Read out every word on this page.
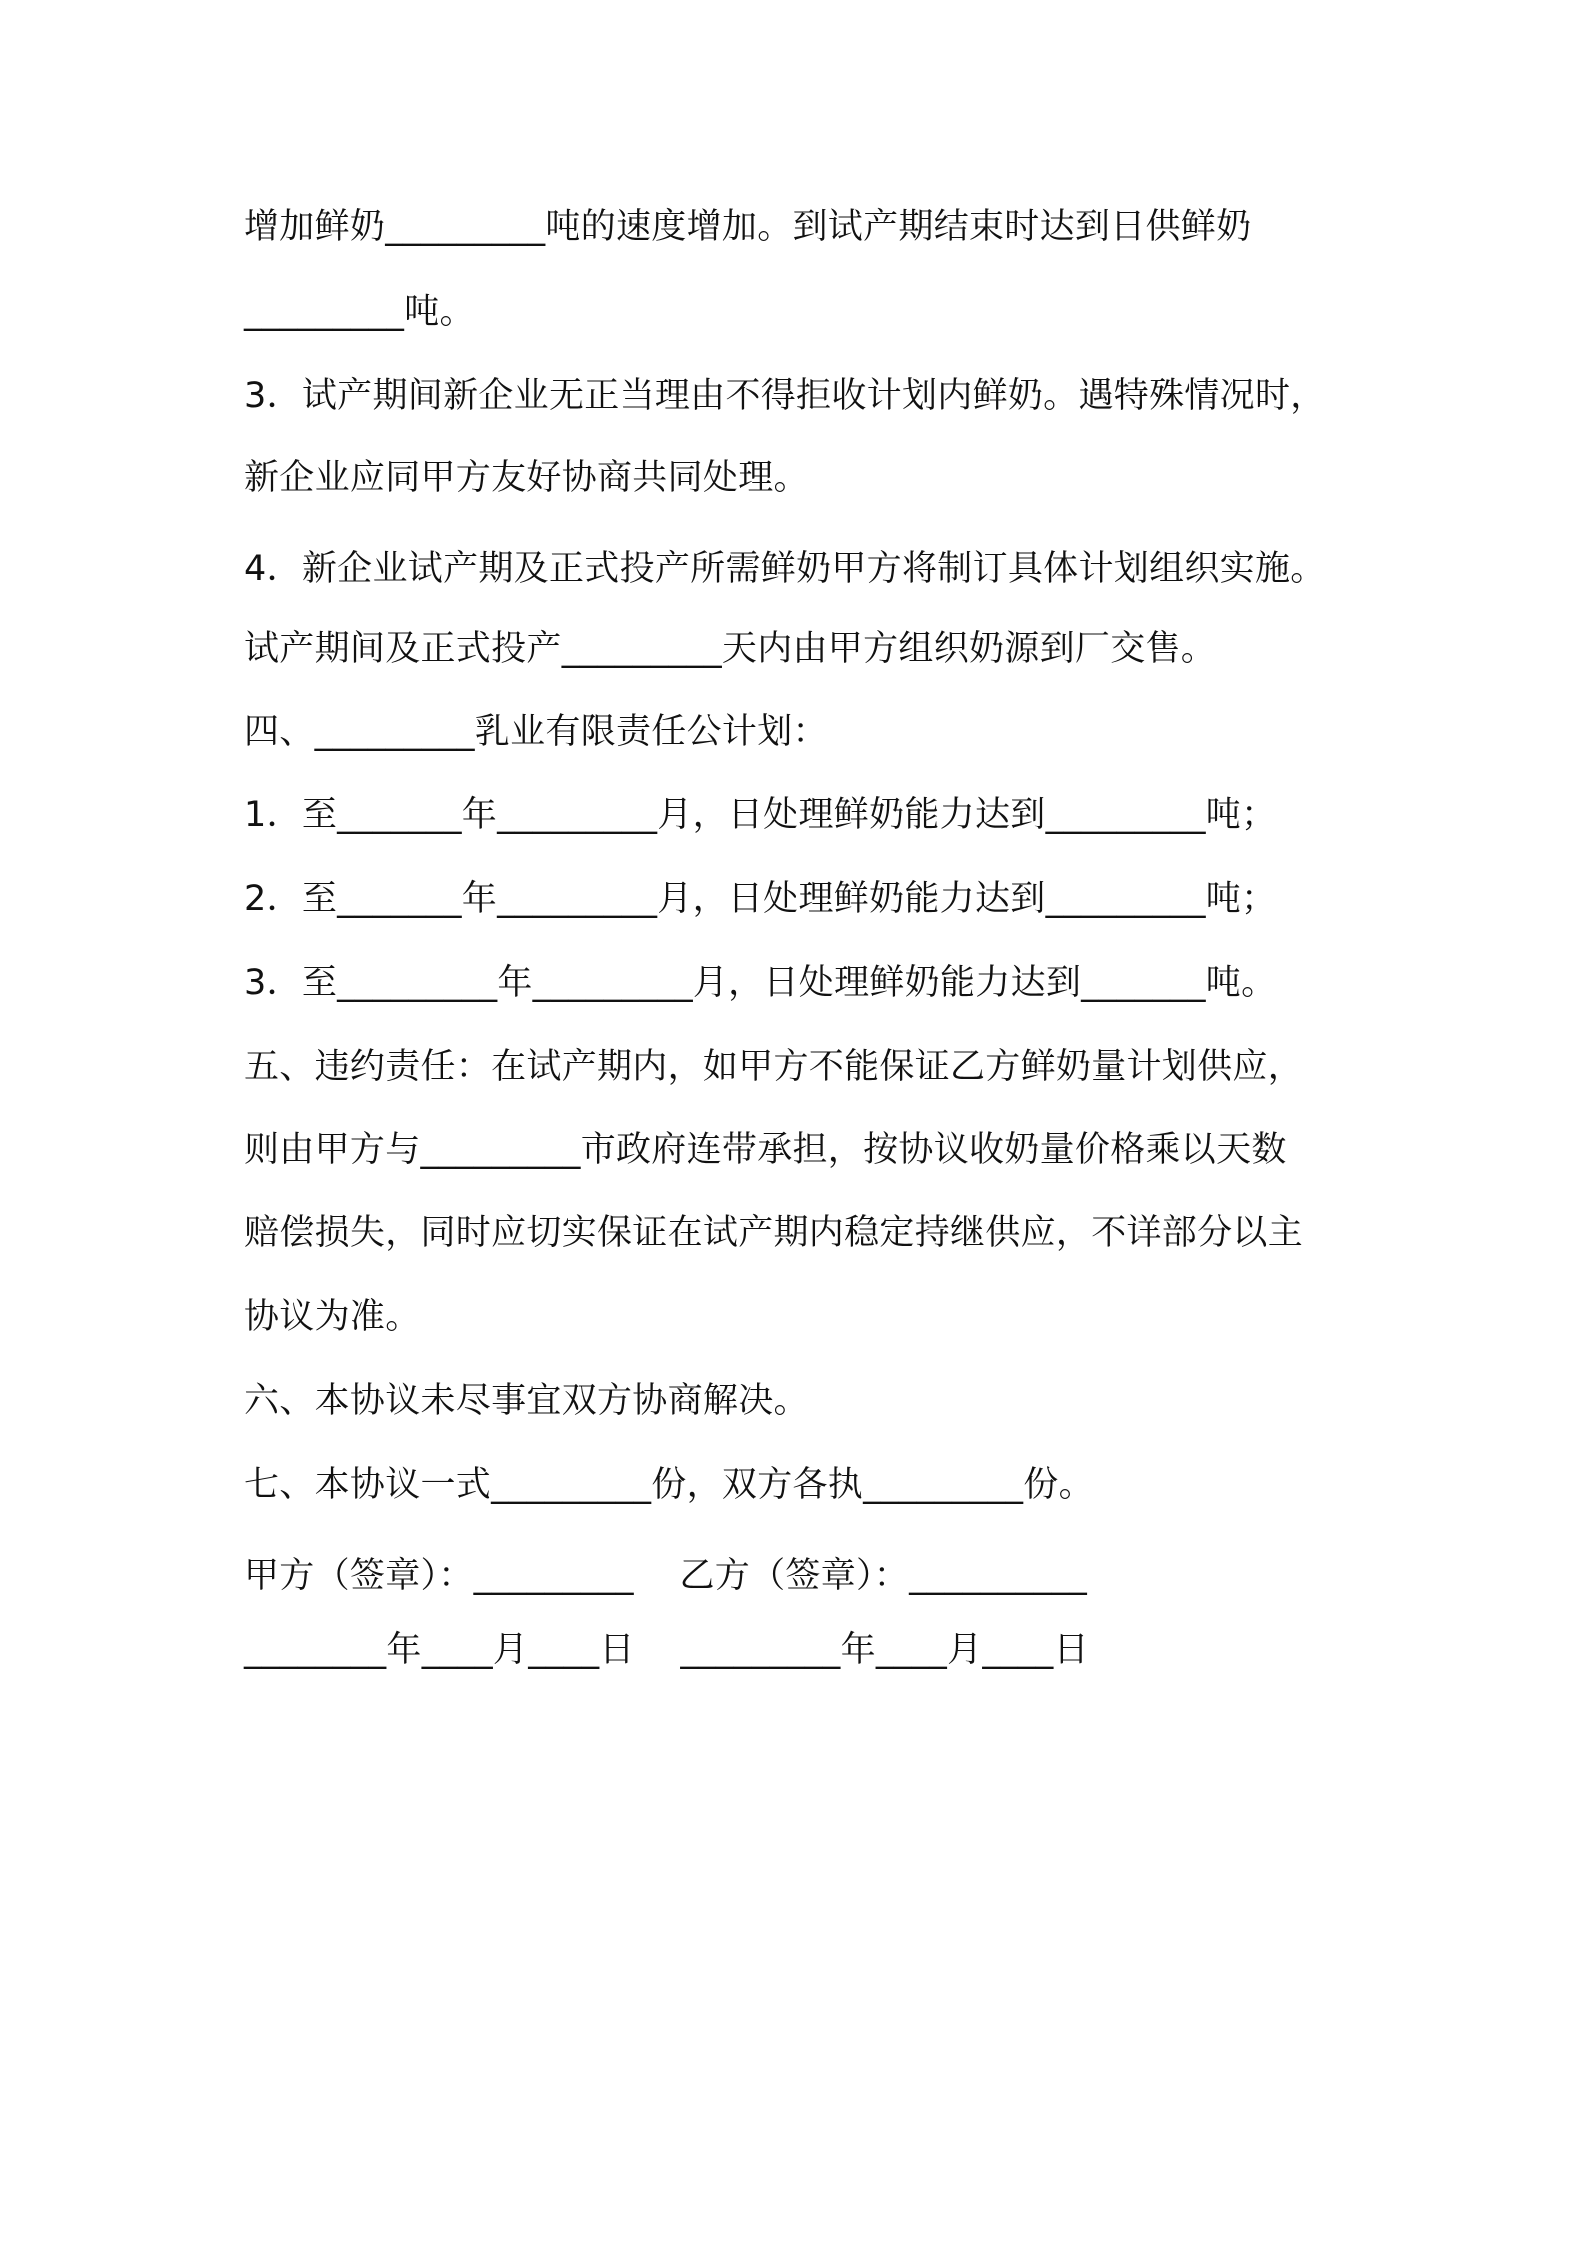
增加鲜奶_________吨的速度增加。到试产期结束时达到日供鲜奶
_________吨。
3．试产期间新企业无正当理由不得拒收计划内鲜奶。遇特殊情况时，
新企业应同甲方友好协商共同处理。
4．新企业试产期及正式投产所需鲜奶甲方将制订具体计划组织实施。
试产期间及正式投产_________天内由甲方组织奶源到厂交售。
四、_________乳业有限责任公计划：
1．至_______年_________月，日处理鲜奶能力达到_________吨；
2．至_______年_________月，日处理鲜奶能力达到_________吨；
3．至_________年_________月，日处理鲜奶能力达到_______吨。
五、违约责任：在试产期内，如甲方不能保证乙方鲜奶量计划供应，
则由甲方与_________市政府连带承担，按协议收奶量价格乘以天数
赔偿损失，同时应切实保证在试产期内稳定持继供应，不详部分以主
协议为准。
六、本协议未尽事宜双方协商解决。
七、本协议一式_________份，双方各执_________份。
甲方（签章）：_________    乙方（签章）：__________
________年____月____日    _________年____月____日
